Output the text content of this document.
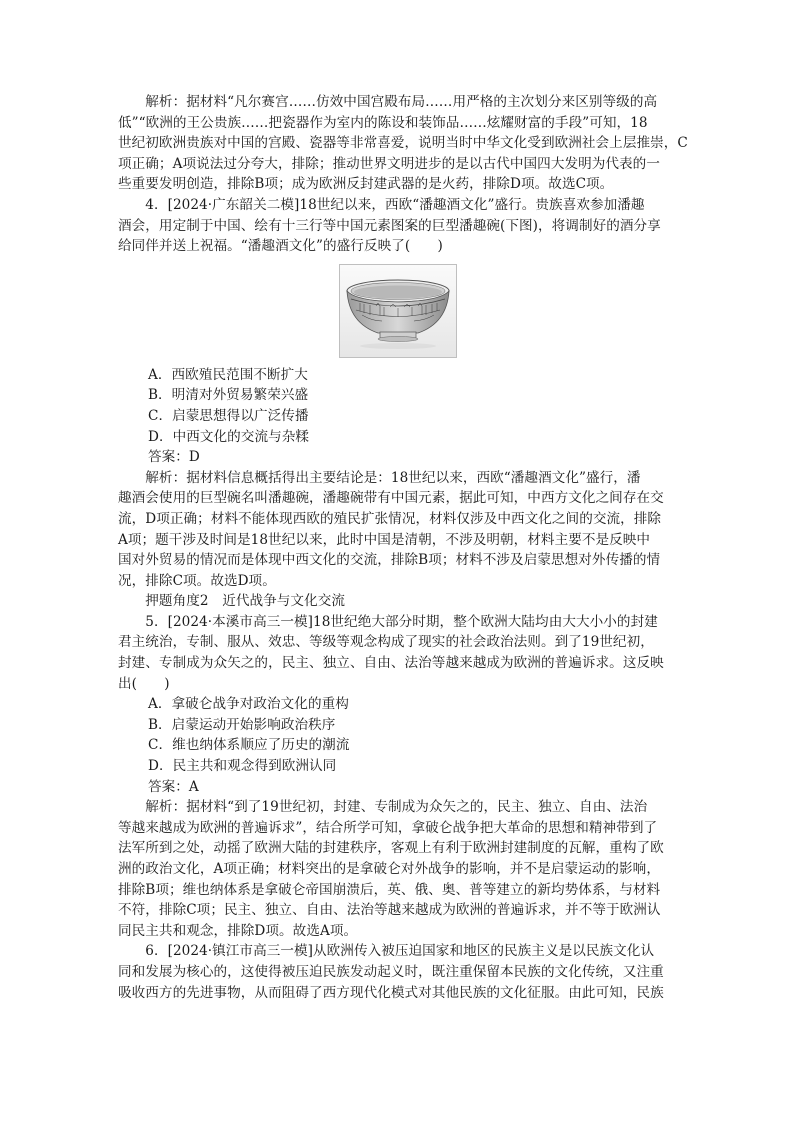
　　解析：据材料“凡尔赛宫……仿效中国宫殿布局……用严格的主次划分来区别等级的高
低”“欧洲的王公贵族……把瓷器作为室内的陈设和装饰品……炫耀财富的手段”可知，18
世纪初欧洲贵族对中国的宫殿、瓷器等非常喜爱，说明当时中华文化受到欧洲社会上层推崇，C
项正确；A项说法过分夸大，排除；推动世界文明进步的是以古代中国四大发明为代表的一
些重要发明创造，排除B项；成为欧洲反封建武器的是火药，排除D项。故选C项。
　　4．[2024·广东韶关二模]18世纪以来，西欧“潘趣酒文化”盛行。贵族喜欢参加潘趣
酒会，用定制于中国、绘有十三行等中国元素图案的巨型潘趣碗(下图)，将调制好的酒分享
给同伴并送上祝福。“潘趣酒文化”的盛行反映了(　　)
A．西欧殖民范围不断扩大
B．明清对外贸易繁荣兴盛
C．启蒙思想得以广泛传播
D．中西文化的交流与杂糅
答案：D
　　解析：据材料信息概括得出主要结论是：18世纪以来，西欧“潘趣酒文化”盛行，潘
趣酒会使用的巨型碗名叫潘趣碗，潘趣碗带有中国元素，据此可知，中西方文化之间存在交
流，D项正确；材料不能体现西欧的殖民扩张情况，材料仅涉及中西文化之间的交流，排除
A项；题干涉及时间是18世纪以来，此时中国是清朝，不涉及明朝，材料主要不是反映中
国对外贸易的情况而是体现中西文化的交流，排除B项；材料不涉及启蒙思想对外传播的情
况，排除C项。故选D项。
　　押题角度2　近代战争与文化交流
　　5．[2024·本溪市高三一模]18世纪绝大部分时期，整个欧洲大陆均由大大小小的封建
君主统治，专制、服从、效忠、等级等观念构成了现实的社会政治法则。到了19世纪初，
封建、专制成为众矢之的，民主、独立、自由、法治等越来越成为欧洲的普遍诉求。这反映
出(　　)
A．拿破仑战争对政治文化的重构
B．启蒙运动开始影响政治秩序
C．维也纳体系顺应了历史的潮流
D．民主共和观念得到欧洲认同
答案：A
　　解析：据材料“到了19世纪初，封建、专制成为众矢之的，民主、独立、自由、法治
等越来越成为欧洲的普遍诉求”，结合所学可知，拿破仑战争把大革命的思想和精神带到了
法军所到之处，动摇了欧洲大陆的封建秩序，客观上有利于欧洲封建制度的瓦解，重构了欧
洲的政治文化，A项正确；材料突出的是拿破仑对外战争的影响，并不是启蒙运动的影响，
排除B项；维也纳体系是拿破仑帝国崩溃后，英、俄、奥、普等建立的新均势体系，与材料
不符，排除C项；民主、独立、自由、法治等越来越成为欧洲的普遍诉求，并不等于欧洲认
同民主共和观念，排除D项。故选A项。
　　6．[2024·镇江市高三一模]从欧洲传入被压迫国家和地区的民族主义是以民族文化认
同和发展为核心的，这使得被压迫民族发动起义时，既注重保留本民族的文化传统，又注重
吸收西方的先进事物，从而阻碍了西方现代化模式对其他民族的文化征服。由此可知，民族
